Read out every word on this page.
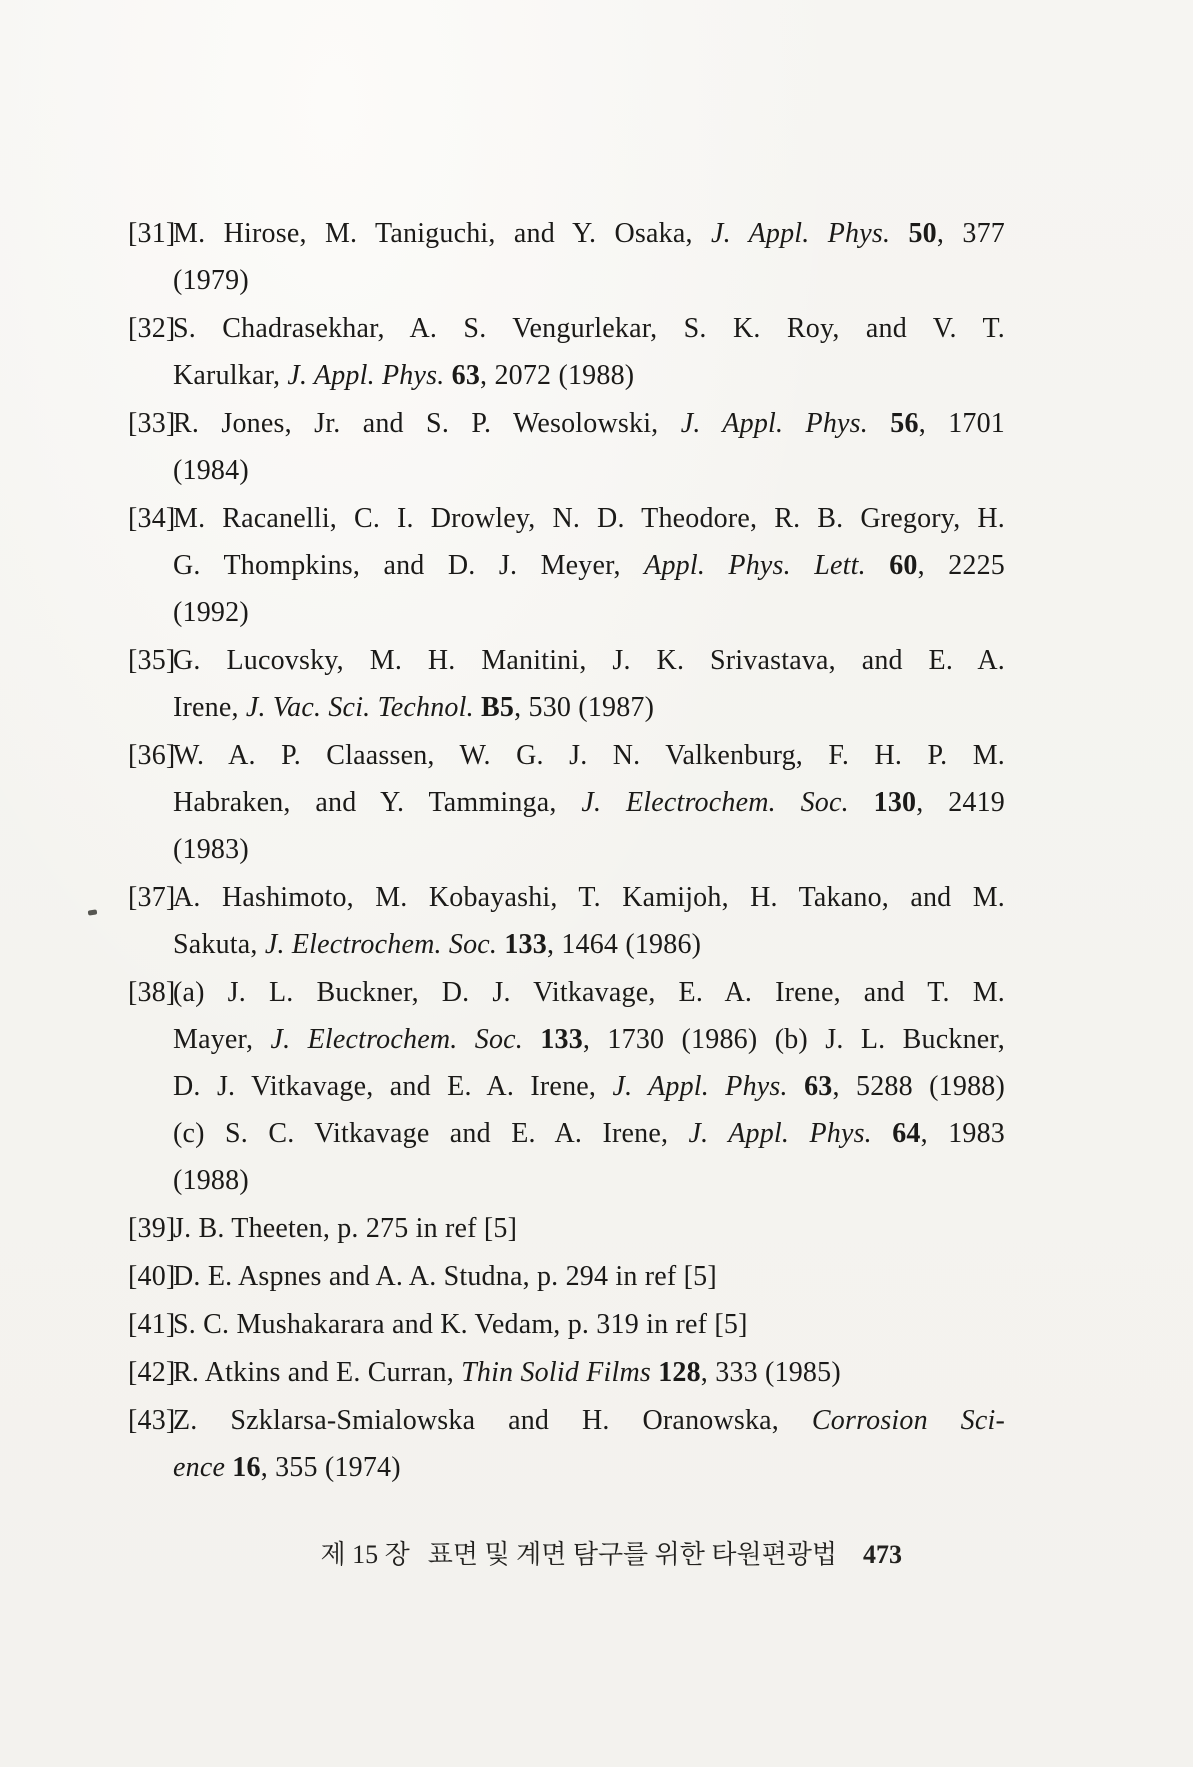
[31]M. Hirose, M. Taniguchi, and Y. Osaka, J. Appl. Phys. 50, 377
(1979)
[32]S. Chadrasekhar, A. S. Vengurlekar, S. K. Roy, and V. T.
Karulkar, J. Appl. Phys. 63, 2072 (1988)
[33]R. Jones, Jr. and S. P. Wesolowski, J. Appl. Phys. 56, 1701
(1984)
[34]M. Racanelli, C. I. Drowley, N. D. Theodore, R. B. Gregory, H.
G. Thompkins, and D. J. Meyer, Appl. Phys. Lett. 60, 2225
(1992)
[35]G. Lucovsky, M. H. Manitini, J. K. Srivastava, and E. A.
Irene, J. Vac. Sci. Technol. B5, 530 (1987)
[36]W. A. P. Claassen, W. G. J. N. Valkenburg, F. H. P. M.
Habraken, and Y. Tamminga, J. Electrochem. Soc. 130, 2419
(1983)
[37]A. Hashimoto, M. Kobayashi, T. Kamijoh, H. Takano, and M.
Sakuta, J. Electrochem. Soc. 133, 1464 (1986)
[38](a) J. L. Buckner, D. J. Vitkavage, E. A. Irene, and T. M.
Mayer, J. Electrochem. Soc. 133, 1730 (1986) (b) J. L. Buckner,
D. J. Vitkavage, and E. A. Irene, J. Appl. Phys. 63, 5288 (1988)
(c) S. C. Vitkavage and E. A. Irene, J. Appl. Phys. 64, 1983
(1988)
[39]J. B. Theeten, p. 275 in ref [5]
[40]D. E. Aspnes and A. A. Studna, p. 294 in ref [5]
[41]S. C. Mushakarara and K. Vedam, p. 319 in ref [5]
[42]R. Atkins and E. Curran, Thin Solid Films 128, 333 (1985)
[43]Z. Szklarsa-Smialowska and H. Oranowska, Corrosion Sci-
ence 16, 355 (1974)
제 15 장 표면 및 계면 탐구를 위한 타원편광법 473
